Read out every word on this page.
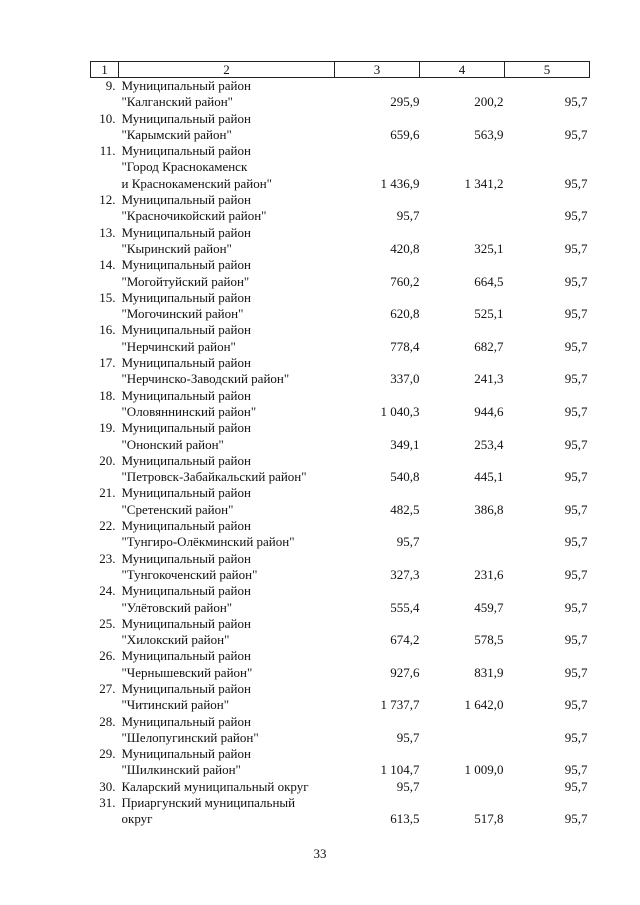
1	2	3	4	5
9.	Муниципальный район
"Калганский район"	295,9	200,2	95,7
10.	Муниципальный район
"Карымский район"	659,6	563,9	95,7
11.	Муниципальный район
"Город Краснокаменск
и Краснокаменский район"	1 436,9	1 341,2	95,7
12.	Муниципальный район
"Красночикойский район"	95,7		95,7
13.	Муниципальный район
"Кыринский район"	420,8	325,1	95,7
14.	Муниципальный район
"Могойтуйский район"	760,2	664,5	95,7
15.	Муниципальный район
"Могочинский район"	620,8	525,1	95,7
16.	Муниципальный район
"Нерчинский район"	778,4	682,7	95,7
17.	Муниципальный район
"Нерчинско-Заводский район"	337,0	241,3	95,7
18.	Муниципальный район
"Оловяннинский район"	1 040,3	944,6	95,7
19.	Муниципальный район
"Ононский район"	349,1	253,4	95,7
20.	Муниципальный район
"Петровск-Забайкальский район"	540,8	445,1	95,7
21.	Муниципальный район
"Сретенский район"	482,5	386,8	95,7
22.	Муниципальный район
"Тунгиро-Олёкминский район"	95,7		95,7
23.	Муниципальный район
"Тунгокоченский район"	327,3	231,6	95,7
24.	Муниципальный район
"Улётовский район"	555,4	459,7	95,7
25.	Муниципальный район
"Хилокский район"	674,2	578,5	95,7
26.	Муниципальный район
"Чернышевский район"	927,6	831,9	95,7
27.	Муниципальный район
"Читинский район"	1 737,7	1 642,0	95,7
28.	Муниципальный район
"Шелопугинский район"	95,7		95,7
29.	Муниципальный район
"Шилкинский район"	1 104,7	1 009,0	95,7
30.	Каларский муниципальный округ	95,7		95,7
31.	Приаргунский муниципальный
округ	613,5	517,8	95,7
33
